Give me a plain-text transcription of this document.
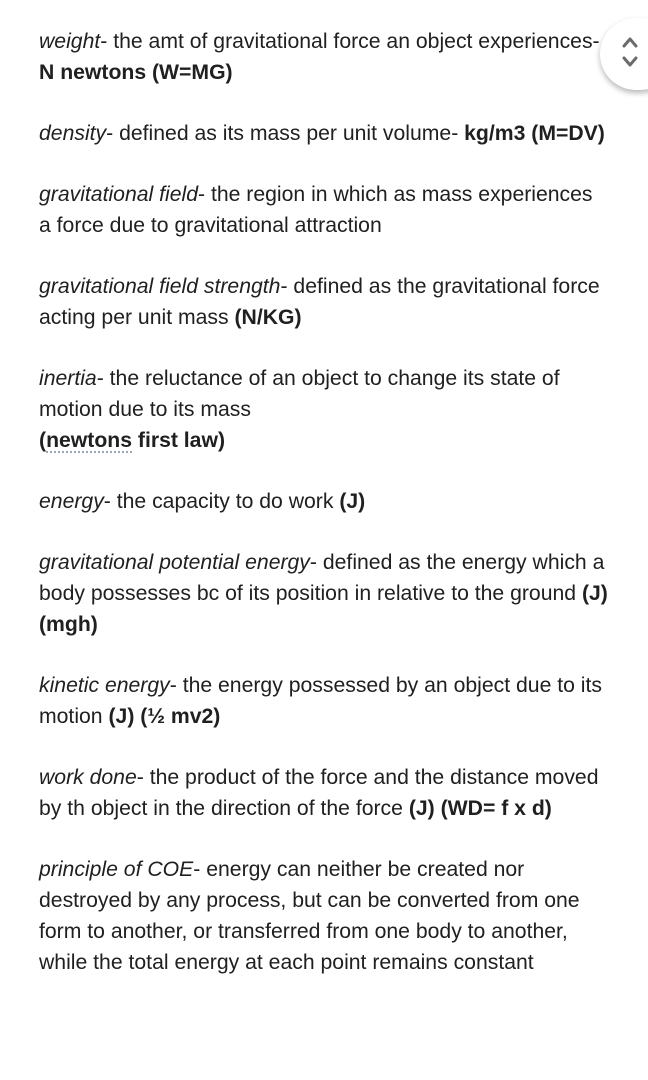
weight- the amt of gravitational force an object experiences- N newtons (W=MG)

density- defined as its mass per unit volume- kg/m3 (M=DV)

gravitational field- the region in which as mass experiences a force due to gravitational attraction

gravitational field strength- defined as the gravitational force acting per unit mass (N/KG)

inertia- the reluctance of an object to change its state of motion due to its mass
(newtons first law)

energy- the capacity to do work (J)

gravitational potential energy- defined as the energy which a body possesses bc of its position in relative to the ground (J) (mgh)

kinetic energy- the energy possessed by an object due to its motion (J) (½ mv2)

work done- the product of the force and the distance moved by th object in the direction of the force (J) (WD= f x d)

principle of COE- energy can neither be created nor destroyed by any process, but can be converted from one form to another, or transferred from one body to another, while the total energy at each point remains constant
